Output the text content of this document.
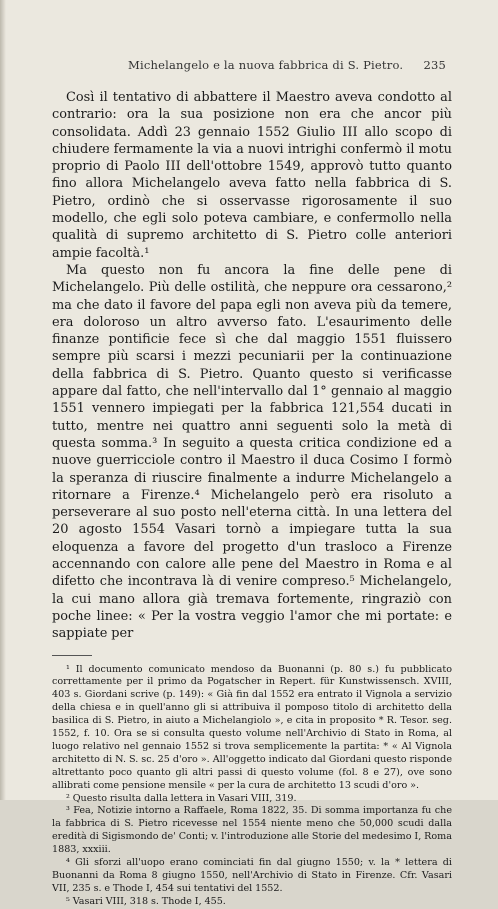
Michelangelo e la nuova fabbrica di S. Pietro. 235

Così il tentativo di abbattere il Maestro aveva condotto al contrario: ora la sua posizione non era che ancor più consolidata. Addì 23 gennaio 1552 Giulio III allo scopo di chiudere fermamente la via a nuovi intrighi confermò il motu proprio di Paolo III dell'ottobre 1549, approvò tutto quanto fino allora Michelangelo aveva fatto nella fabbrica di S. Pietro, ordinò che si osservasse rigorosamente il suo modello, che egli solo poteva cambiare, e confermollo nella qualità di supremo architetto di S. Pietro colle anteriori ampie facoltà.¹

Ma questo non fu ancora la fine delle pene di Michelangelo. Più delle ostilità, che neppure ora cessarono,² ma che dato il favore del papa egli non aveva più da temere, era doloroso un altro avverso fato. L'esaurimento delle finanze pontificie fece sì che dal maggio 1551 fluissero sempre più scarsi i mezzi pecuniarii per la continuazione della fabbrica di S. Pietro. Quanto questo si verificasse appare dal fatto, che nell'intervallo dal 1° gennaio al maggio 1551 vennero impiegati per la fabbrica 121,554 ducati in tutto, mentre nei quattro anni seguenti solo la metà di questa somma.³ In seguito a questa critica condizione ed a nuove guerricciole contro il Maestro il duca Cosimo I formò la speranza di riuscire finalmente a indurre Michelangelo a ritornare a Firenze.⁴ Michelangelo però era risoluto a perseverare al suo posto nell'eterna città. In una lettera del 20 agosto 1554 Vasari tornò a impiegare tutta la sua eloquenza a favore del progetto d'un trasloco a Firenze accennando con calore alle pene del Maestro in Roma e al difetto che incontrava là di venire compreso.⁵ Michelangelo, la cui mano allora già tremava fortemente, ringraziò con poche linee: « Per la vostra veggio l'amor che mi portate: e sappiate per

¹ Il documento comunicato mendoso da Buonanni (p. 80 s.) fu pubblicato correttamente per il primo da Pogatscher in Repert. für Kunstwissensch. XVIII, 403 s. Giordani scrive (p. 149): « Già fin dal 1552 era entrato il Vignola a servizio della chiesa e in quell'anno gli si attribuiva il pomposo titolo di architetto della basilica di S. Pietro, in aiuto a Michelangiolo », e cita in proposito * R. Tesor. seg. 1552, f. 10. Ora se si consulta questo volume nell'Archivio di Stato in Roma, al luogo relativo nel gennaio 1552 si trova semplicemente la partita: * « Al Vignola architetto di N. S. sc. 25 d'oro ». All'oggetto indicato dal Giordani questo risponde altrettanto poco quanto gli altri passi di questo volume (fol. 8 e 27), ove sono allibrati come pensione mensile « per la cura de architetto 13 scudi d'oro ».

² Questo risulta dalla lettera in Vasari VIII, 319.

³ Fea, Notizie intorno a Raffaele, Roma 1822, 35. Di somma importanza fu che la fabbrica di S. Pietro ricevesse nel 1554 niente meno che 50,000 scudi dalla eredità di Sigismondo de' Conti; v. l'introduzione alle Storie del medesimo I, Roma 1883, xxxiii.

⁴ Gli sforzi all'uopo erano cominciati fin dal giugno 1550; v. la * lettera di Buonanni da Roma 8 giugno 1550, nell'Archivio di Stato in Firenze. Cfr. Vasari VII, 235 s. e Thode I, 454 sui tentativi del 1552.

⁵ Vasari VIII, 318 s. Thode I, 455.
